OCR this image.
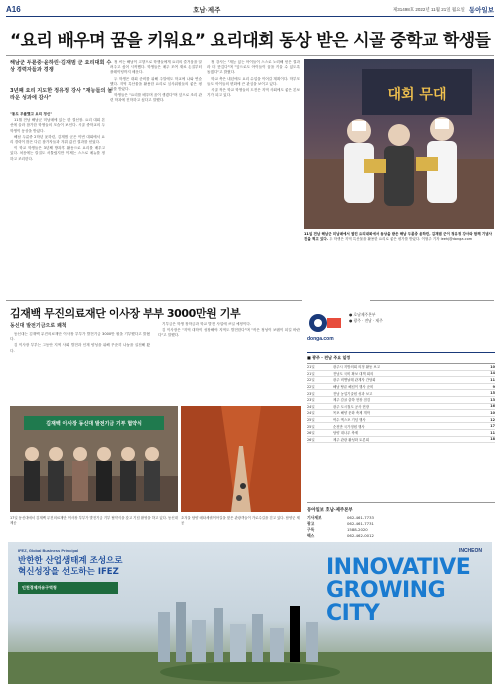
A16	호남·제주	제31498호 2022년 11월 21일 월요일 동아일보
“요리 배우며 꿈을 키워요” 요리대회 동상 받은 시골 중학교 학생들
해남군 두륜중·윤하린·김재범 군 요리대회 수상 경력자들과 경쟁
3년째 요리 지도한 정유정 강사 "재능들의 놀라운 성과에 감사"

"통도 무릎했고 요리 정신"

11월 전남 해남군 미남매에 있는 한 결선장. 요리 대회 본선에 올라 참가한 학생들의 모습이 보인다. 시골 중학교의 두 학생이 동상을 받았다.

해남 두륜중 2학년 윤하린, 김재범 군은 이번 대회에서 요리 경력이 많은 다른 참가자들과 겨뤄 값진 결과를 얻었다.

이 학교 학생들은 3년째 방과후 활동으로 요리를 배우고 있다. 처음에는 칼질도 서툴렀지만 이제는 스스로 메뉴를 정하고 조리한다.

정 씨는 해남이 고향으로 학생들에게 요리의 즐거움을 알려주고 싶어 시작했다. 학생들은 매주 모여 재료 손질부터 플레이팅까지 배운다.

두 학생은 대회 준비를 위해 주말에도 학교에 나와 연습했다. 지역 특산물을 활용한 요리로 심사위원들의 좋은 평가를 받았다.

학생들은 "요리를 배우며 꿈이 생겼다"며 앞으로 조리 관련 학과에 진학하고 싶다고 말했다.

정 강사는 "재능 있는 아이들이 스스로 노력해 얻은 결과라 더 뜻깊다"며 "앞으로도 아이들이 꿈을 키울 수 있도록 돕겠다"고 밝혔다.

학교 측은 내년에도 요리 수업을 이어갈 계획이다. 학부모들도 아이들의 변화에 큰 관심을 보이고 있다.

시골 작은 학교 학생들의 도전은 지역 사회에도 좋은 본보기가 되고 있다.	대회 무대
11일 전남 해남군 미남매에서 열린 요리대회에서 동상을 받은 해남 두륜중 윤하린, 김재범 군이 정유정 강사와 함께 기념사진을 찍고 있다. 두 학생은 지역 특산물을 활용한 요리로 좋은 평가를 받았다. 이형주 기자 leehj@donga.com
김재백 무진의료재단 이사장 부부 3000만원 기부
동신대 발전기금으로 쾌척

동신대는 김재백 무진의료재단 이사장 부부가 발전기금 3000만 원을 기부했다고 밝혔다.

김 이사장 부부는 그동안 지역 사회 발전과 인재 양성을 위해 꾸준히 나눔을 실천해 왔다.

기부금은 학생 장학금과 학교 발전 사업에 쓰일 예정이다.

김 이사장은 "지역 대학이 성장해야 지역도 발전한다"며 "작은 정성이 보탬이 되길 바란다"고 말했다.

김재백 이사장 동신대 발전기금 기부 협약식
17일 동신대에서 김재백 무진의료재단 이사장 부부가 발전기금 기부 협약식을 갖고 기념 촬영을 하고 있다. 동신대 제공
초겨울 담양 메타세쿼이아길을 찾은 관광객들이 가로수길을 걷고 있다. 담양군 제공
donga.com
● 호남제주본부
● 광주 · 전남 · 제주
■ 광주 · 전남 주요 일정
21일	광주시 지방의회 의정 활동 보고	10
21일	전남도 국비 확보 대책 회의	14
22일	광주 비엔날레 관계자 간담회	11
22일	해남 땅끝 해넘이 행사 준비	9
23일	전남 농업기술원 성과 보고	15
23일	제주 감귤 출하 현장 점검	13
24일	광주 도시철도 공사 현장	16
24일	목포 해양 문화 축제 개막	10
25일	여수 엑스포 기념 행사	12
25일	순천만 국가정원 행사	17
26일	담양 대나무 축제	11
26일	제주 관광 활성화 토론회	18
동아일보 호남·제주본부
기사제보	062-461-7733
광고	062-461-7731
구독	1588-2020
팩스	062-462-0012
IFEZ, Global Business Principal
반한한 산업생태계 조성으로
혁신성장을 선도하는 IFEZ
인천경제자유구역청
INCHEON
INNOVATIVE
GROWING
CITY
